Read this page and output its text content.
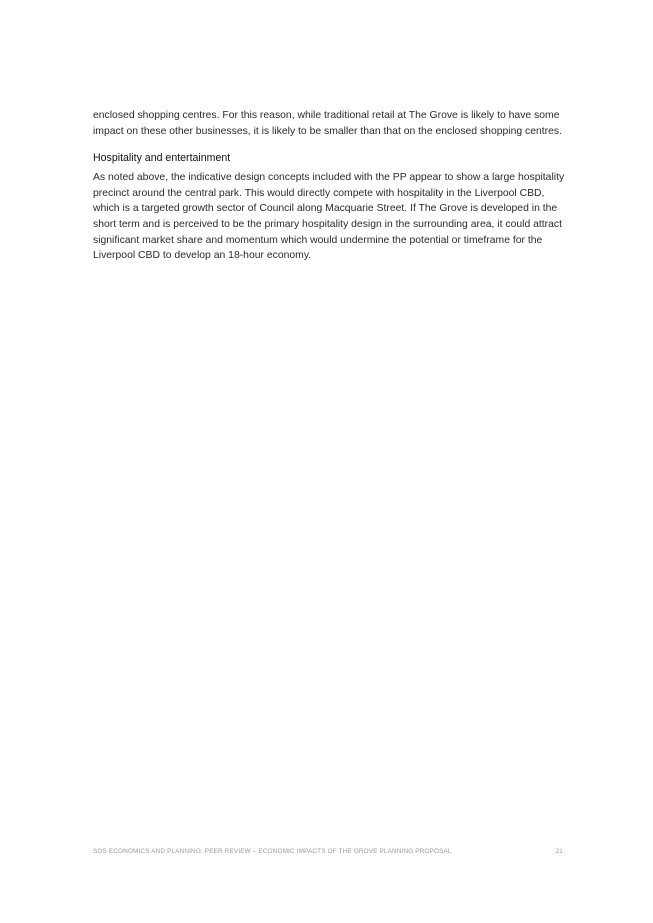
enclosed shopping centres. For this reason, while traditional retail at The Grove is likely to have some
impact on these other businesses, it is likely to be smaller than that on the enclosed shopping centres.

Hospitality and entertainment

As noted above, the indicative design concepts included with the PP appear to show a large hospitality
precinct around the central park. This would directly compete with hospitality in the Liverpool CBD,
which is a targeted growth sector of Council along Macquarie Street. If The Grove is developed in the
short term and is perceived to be the primary hospitality design in the surrounding area, it could attract
significant market share and momentum which would undermine the potential or timeframe for the
Liverpool CBD to develop an 18-hour economy.

SGS ECONOMICS AND PLANNING: PEER REVIEW – ECONOMIC IMPACTS OF THE GROVE PLANNING PROPOSAL	21
